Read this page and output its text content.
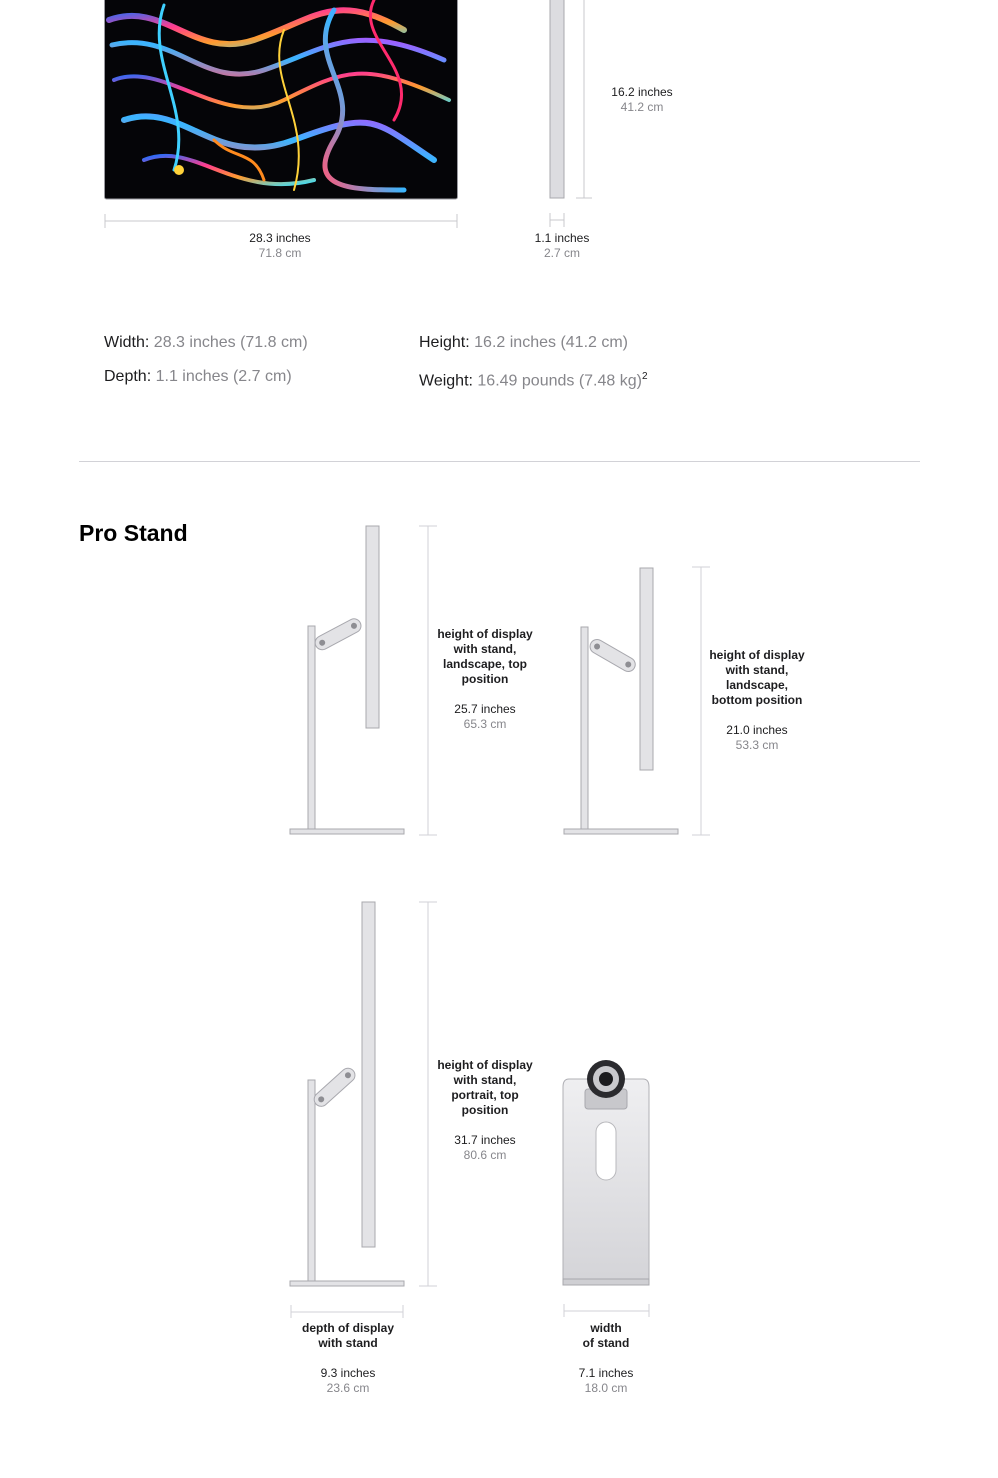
28.3 inches
71.8 cm
16.2 inches
41.2 cm
1.1 inches
2.7 cm
Width: 28.3 inches (71.8 cm)	Height: 16.2 inches (41.2 cm)
Depth: 1.1 inches (2.7 cm)	Weight: 16.49 pounds (7.48 kg)$^2$
Pro Stand
height of display
with stand,
landscape, top
position
25.7 inches
65.3 cm
height of display
with stand,
landscape,
bottom position
21.0 inches
53.3 cm
height of display
with stand,
portrait, top
position
31.7 inches
80.6 cm
depth of display
with stand
9.3 inches
23.6 cm
width
of stand
7.1 inches
18.0 cm
